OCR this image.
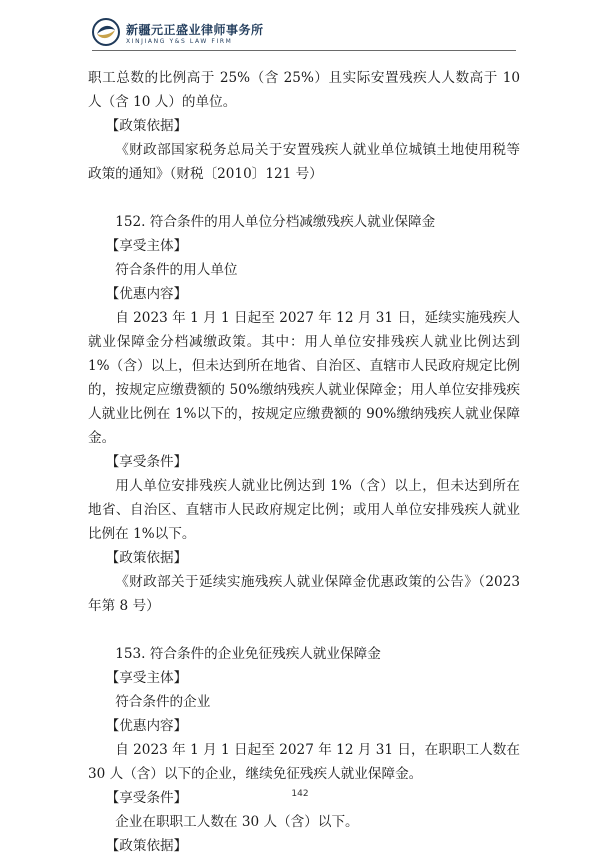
新疆元正盛业律师事务所
XINJIANG Y&S LAW FIRM

职工总数的比例高于 25%（含 25%）且实际安置残疾人人数高于 10 人（含 10 人）的单位。

【政策依据】

《财政部国家税务总局关于安置残疾人就业单位城镇土地使用税等政策的通知》（财税〔2010〕121 号）

152. 符合条件的用人单位分档减缴残疾人就业保障金

【享受主体】

符合条件的用人单位

【优惠内容】

自 2023 年 1 月 1 日起至 2027 年 12 月 31 日，延续实施残疾人就业保障金分档减缴政策。其中：用人单位安排残疾人就业比例达到 1%（含）以上，但未达到所在地省、自治区、直辖市人民政府规定比例的，按规定应缴费额的 50%缴纳残疾人就业保障金；用人单位安排残疾人就业比例在 1%以下的，按规定应缴费额的 90%缴纳残疾人就业保障金。

【享受条件】

用人单位安排残疾人就业比例达到 1%（含）以上，但未达到所在地省、自治区、直辖市人民政府规定比例；或用人单位安排残疾人就业比例在 1%以下。

【政策依据】

《财政部关于延续实施残疾人就业保障金优惠政策的公告》（2023 年第 8 号）

153. 符合条件的企业免征残疾人就业保障金

【享受主体】

符合条件的企业

【优惠内容】

自 2023 年 1 月 1 日起至 2027 年 12 月 31 日，在职职工人数在 30 人（含）以下的企业，继续免征残疾人就业保障金。

【享受条件】

企业在职职工人数在 30 人（含）以下。

【政策依据】

142
